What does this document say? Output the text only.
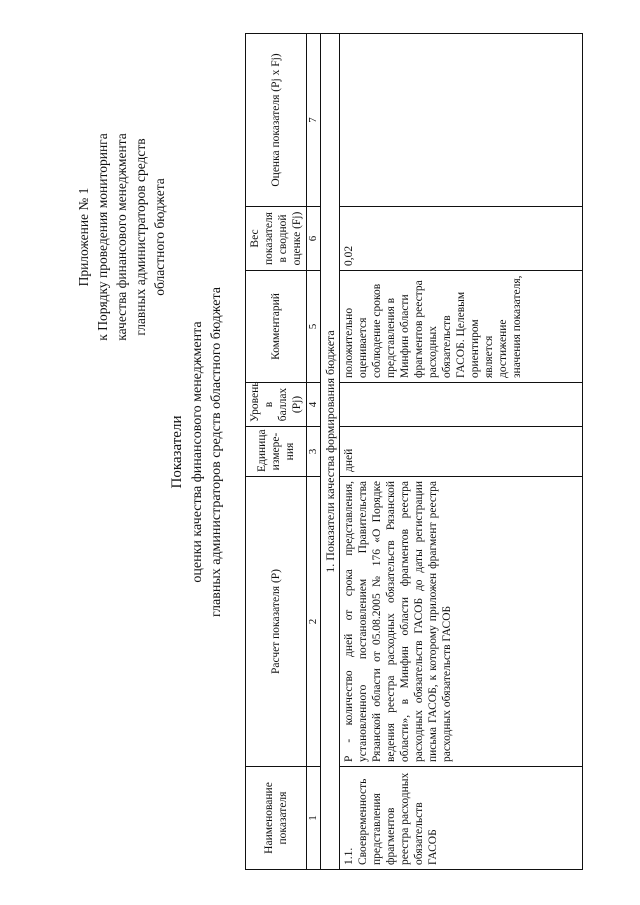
Приложение № 1 к Порядку проведения мониторинга качества финансового менеджмента главных администраторов средств областного бюджета
Показатели оценки качества финансового менеджмента главных администраторов средств областного бюджета
Наименование показателя	Расчет показателя (P)	Единица измере-ния	Уровень в баллах (Pj)	Комментарий	Вес показателя в сводной оценке (Fj)	Оценка показателя (Pj x Fj)
1	2	3	4	5	6	7
1. Показатели качества формирования бюджета						
1.1. Своевременность представления фрагментов реестра расходных обязательств ГАСОБ	P - количество дней от срока представления, установленного постановлением Правительства Рязанской области от 05.08.2005 № 176 «О Порядке ведения реестра расходных обязательств Рязанской области», в Минфин области фрагментов реестра расходных обязательств ГАСОБ до даты регистрации письма ГАСОБ, к которому приложен фрагмент реестра расходных обязательств ГАСОБ	дней		положительно оценивается соблюдение сроков представления в Минфин области фрагментов реестра расходных обязательств ГАСОБ. Целевым ориентиром является достижение значения показателя,	0,02	
